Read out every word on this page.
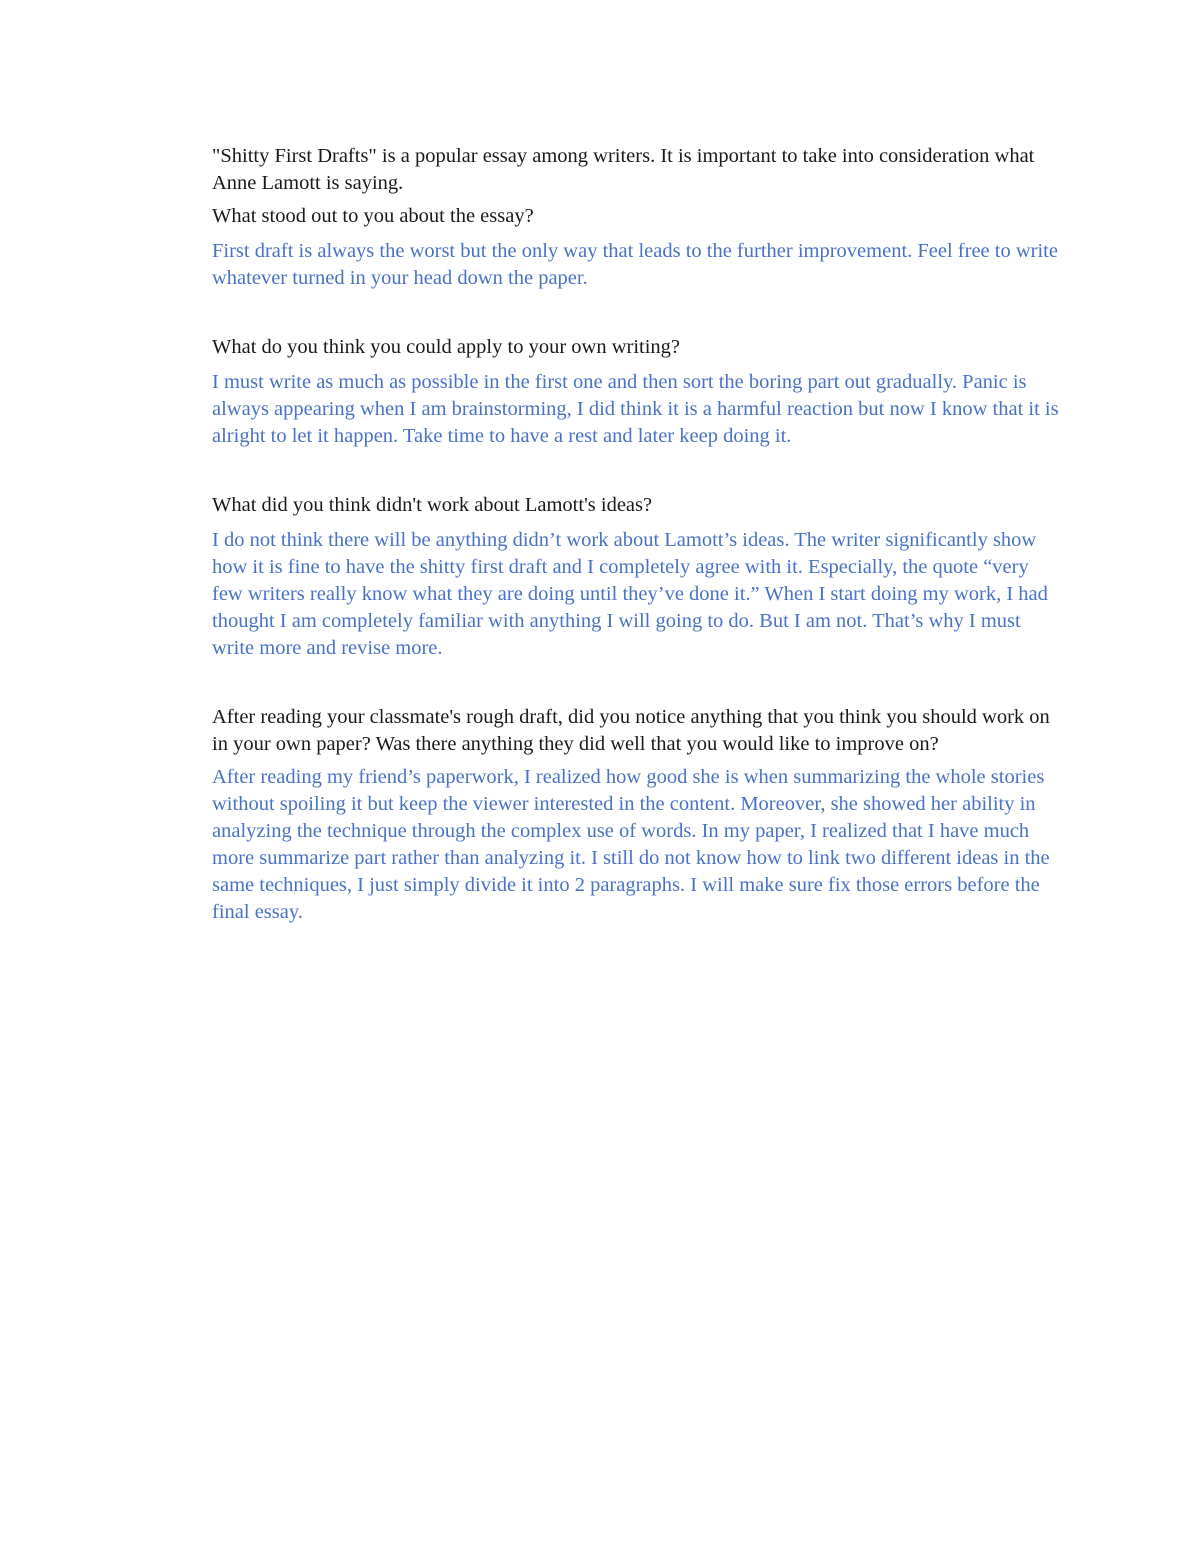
"Shitty First Drafts" is a popular essay among writers. It is important to take into consideration what Anne Lamott is saying.

What stood out to you about the essay?

First draft is always the worst but the only way that leads to the further improvement. Feel free to write whatever turned in your head down the paper.

What do you think you could apply to your own writing?

I must write as much as possible in the first one and then sort the boring part out gradually. Panic is always appearing when I am brainstorming, I did think it is a harmful reaction but now I know that it is alright to let it happen. Take time to have a rest and later keep doing it.

What did you think didn't work about Lamott's ideas?

I do not think there will be anything didn’t work about Lamott’s ideas. The writer significantly show how it is fine to have the shitty first draft and I completely agree with it. Especially, the quote “very few writers really know what they are doing until they’ve done it.” When I start doing my work, I had thought I am completely familiar with anything I will going to do. But I am not. That’s why I must write more and revise more.

After reading your classmate's rough draft, did you notice anything that you think you should work on in your own paper? Was there anything they did well that you would like to improve on?

After reading my friend’s paperwork, I realized how good she is when summarizing the whole stories without spoiling it but keep the viewer interested in the content. Moreover, she showed her ability in analyzing the technique through the complex use of words. In my paper, I realized that I have much more summarize part rather than analyzing it. I still do not know how to link two different ideas in the same techniques, I just simply divide it into 2 paragraphs. I will make sure fix those errors before the final essay.
